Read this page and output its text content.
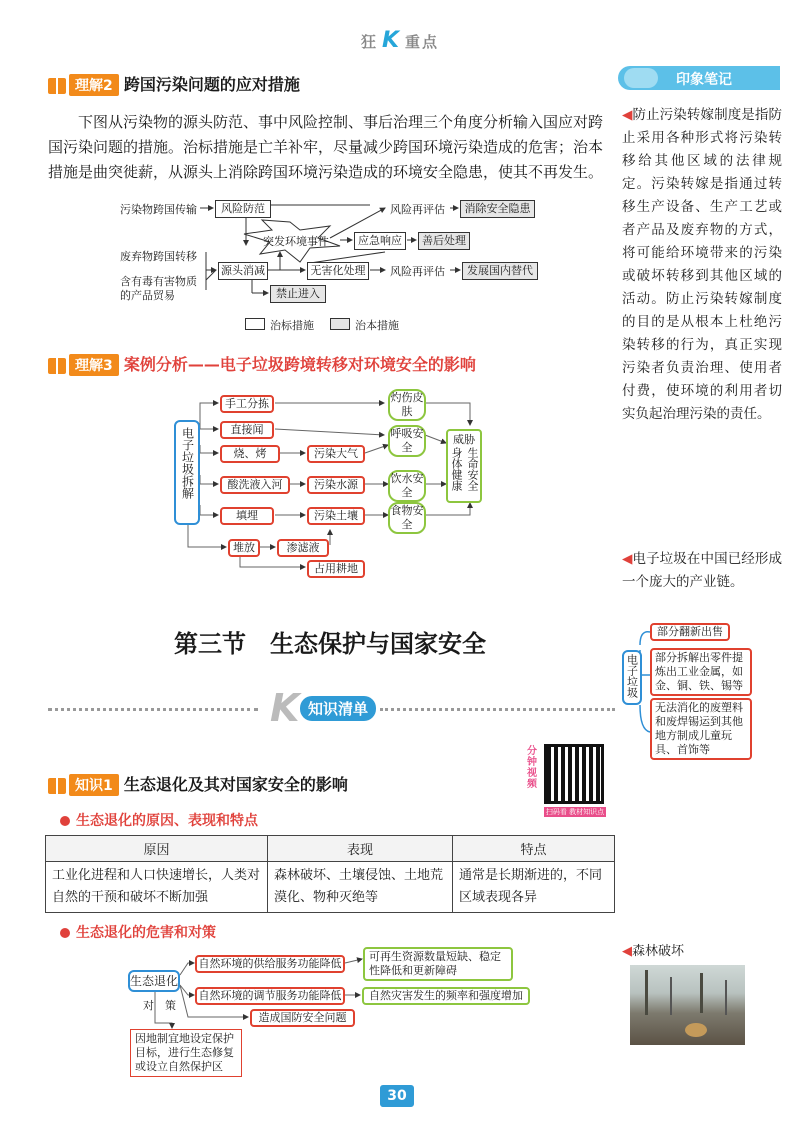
狂 K 重点
理解2 跨国污染问题的应对措施
下图从污染物的源头防范、事中风险控制、事后治理三个角度分析输入国应对跨国污染问题的措施。治标措施是亡羊补牢，尽量减少跨国环境污染造成的危害；治本措施是曲突徙薪，从源头上消除跨国环境污染造成的环境安全隐患，使其不再发生。
污染物跨国传输
废弃物跨国转移
含有毒有害物质
的产品贸易
风险防范
突发环境事件
风险再评估	消除安全隐患
应急响应	善后处理
源头消减	无害化处理	风险再评估	发展国内替代
禁止进入
治标措施	治本措施
理解3 案例分析——电子垃圾跨境转移对环境安全的影响
电子垃圾拆解
手工分拣
直接闻
烧、烤
酸洗液入河
填埋
堆放	渗滤液
占用耕地
污染大气
污染水源
污染土壤
灼伤皮肤
呼吸安全
饮水安全
食物安全
威胁
身体健康 生命安全
第三节　生态保护与国家安全
K 知识清单
分
钟
视
频
扫码看 教材知识点
知识1 生态退化及其对国家安全的影响
生态退化的原因、表现和特点
原因	表现	特点
工业化进程和人口快速增长，人类对自然的干预和破坏不断加强	森林破坏、土壤侵蚀、土地荒漠化、物种灭绝等	通常是长期渐进的，不同区域表现各异
生态退化的危害和对策
生态退化
自然环境的供给服务功能降低
可再生资源数量短缺、稳定性降低和更新障碍
自然环境的调节服务功能降低	自然灾害发生的频率和强度增加
造成国防安全问题
对　策
因地制宜地设定保护目标，进行生态修复或设立自然保护区
印象笔记
◀防止污染转嫁制度是指防止采用各种形式将污染转移给其他区域的法律规定。污染转嫁是指通过转移生产设备、生产工艺或者产品及废弃物的方式，将可能给环境带来的污染或破坏转移到其他区域的活动。防止污染转嫁制度的目的是从根本上杜绝污染转移的行为，真正实现污染者负责治理、使用者付费，使环境的利用者切实负起治理污染的责任。
◀电子垃圾在中国已经形成一个庞大的产业链。
电子垃圾
部分翻新出售
部分拆解出零件提炼出工业金属，如金、铜、铁、锡等
无法消化的废塑料和废焊锡运到其他地方制成儿童玩具、首饰等
◀森林破坏
30
